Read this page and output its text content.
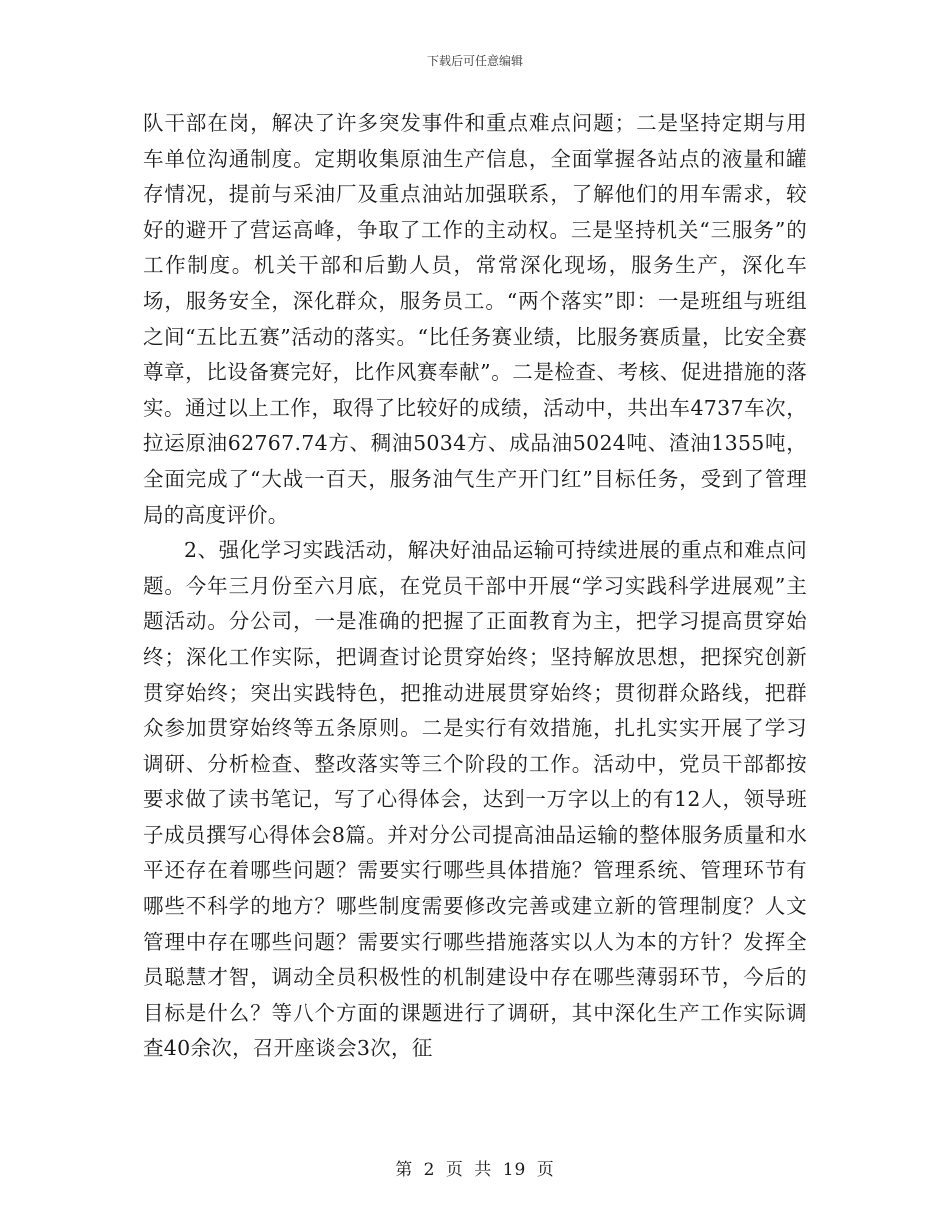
下载后可任意编辑

队干部在岗，解决了许多突发事件和重点难点问题；二是坚持定期与用车单位沟通制度。定期收集原油生产信息，全面掌握各站点的液量和罐存情况，提前与采油厂及重点油站加强联系，了解他们的用车需求，较好的避开了营运高峰，争取了工作的主动权。三是坚持机关“三服务”的工作制度。机关干部和后勤人员，常常深化现场，服务生产，深化车场，服务安全，深化群众，服务员工。“两个落实”即：一是班组与班组之间“五比五赛”活动的落实。“比任务赛业绩，比服务赛质量，比安全赛尊章，比设备赛完好，比作风赛奉献”。二是检查、考核、促进措施的落实。通过以上工作，取得了比较好的成绩，活动中，共出车4737车次，拉运原油62767.74方、稠油5034方、成品油5024吨、渣油1355吨，全面完成了“大战一百天，服务油气生产开门红”目标任务，受到了管理局的高度评价。

2、强化学习实践活动，解决好油品运输可持续进展的重点和难点问题。今年三月份至六月底，在党员干部中开展“学习实践科学进展观”主题活动。分公司，一是准确的把握了正面教育为主，把学习提高贯穿始终；深化工作实际，把调查讨论贯穿始终；坚持解放思想，把探究创新贯穿始终；突出实践特色，把推动进展贯穿始终；贯彻群众路线，把群众参加贯穿始终等五条原则。二是实行有效措施，扎扎实实开展了学习调研、分析检查、整改落实等三个阶段的工作。活动中，党员干部都按要求做了读书笔记，写了心得体会，达到一万字以上的有12人，领导班子成员撰写心得体会8篇。并对分公司提高油品运输的整体服务质量和水平还存在着哪些问题？需要实行哪些具体措施？管理系统、管理环节有哪些不科学的地方？哪些制度需要修改完善或建立新的管理制度？人文管理中存在哪些问题？需要实行哪些措施落实以人为本的方针？发挥全员聪慧才智，调动全员积极性的机制建设中存在哪些薄弱环节，今后的目标是什么？等八个方面的课题进行了调研，其中深化生产工作实际调查40余次，召开座谈会3次，征

第 2 页 共 19 页
